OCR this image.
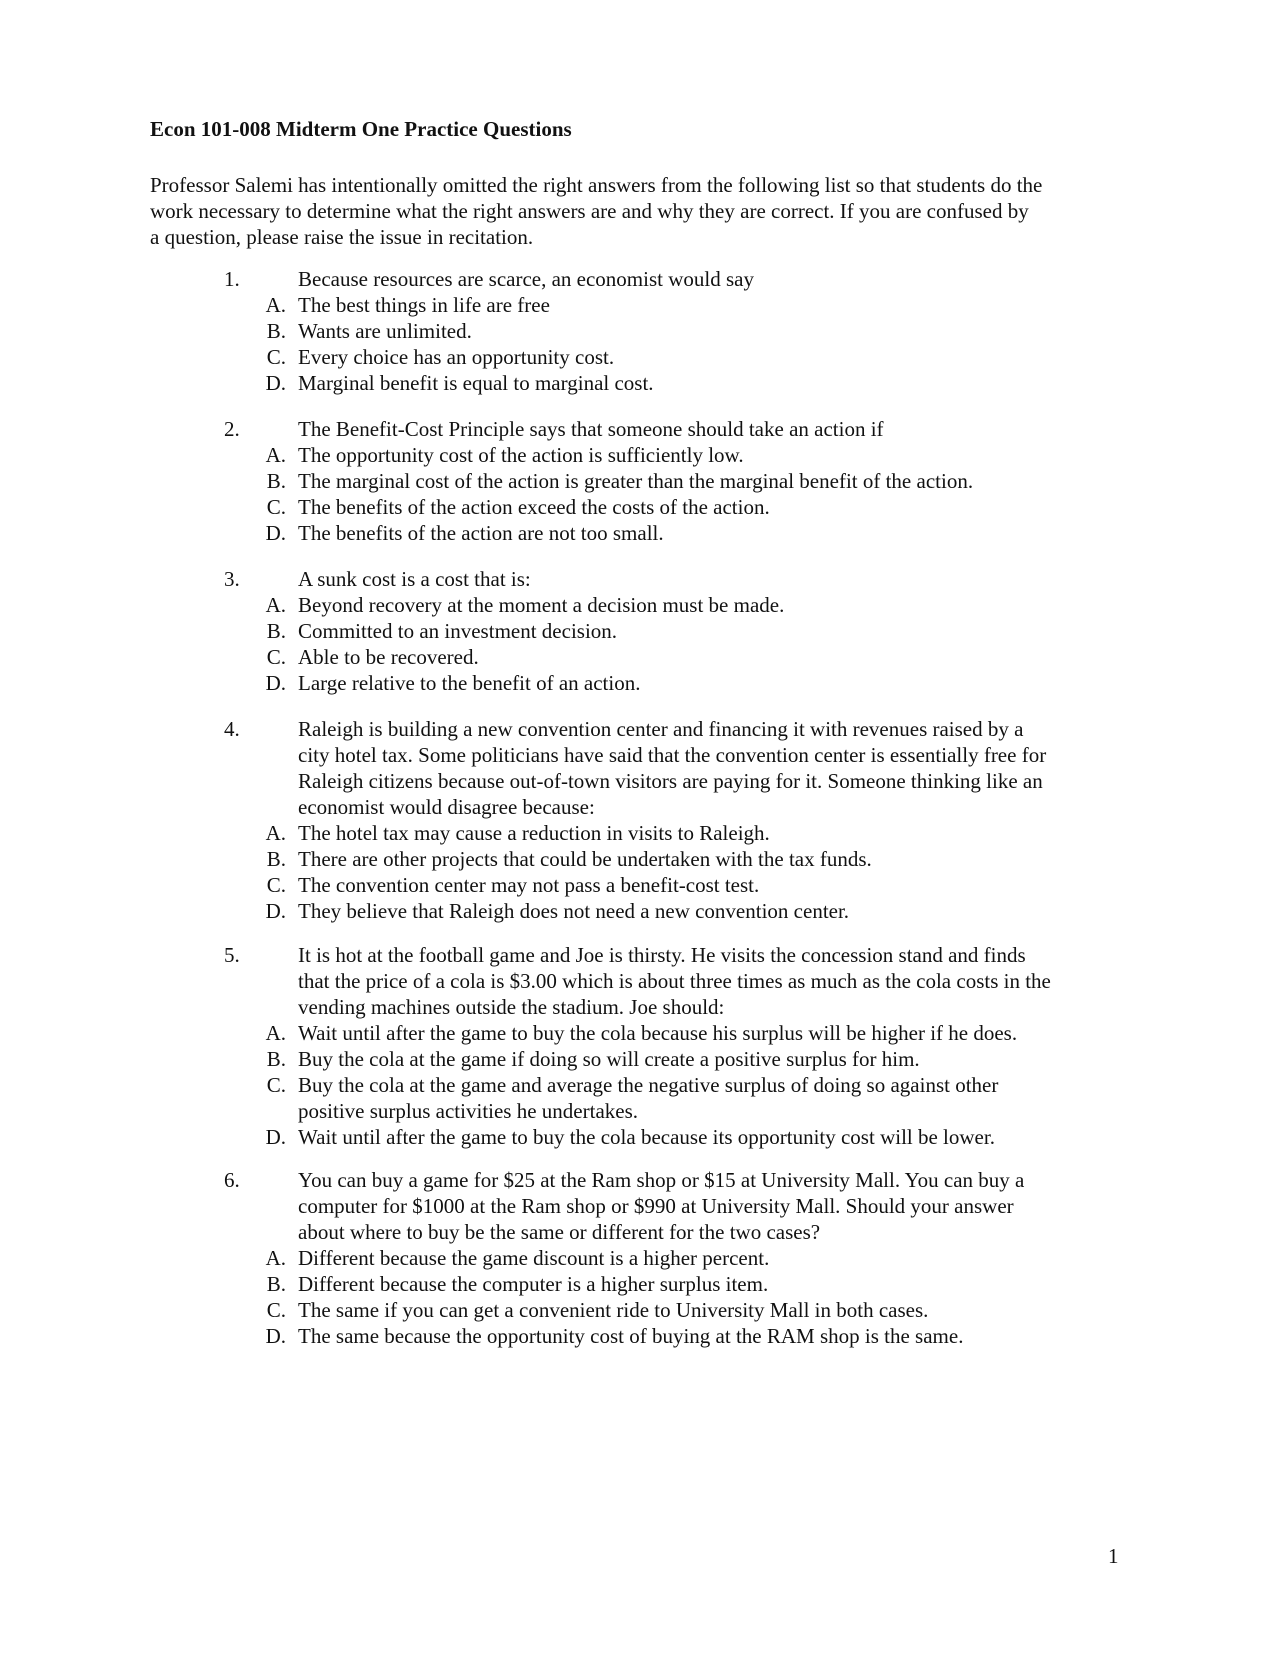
Econ 101-008 Midterm One Practice Questions
Professor Salemi has intentionally omitted the right answers from the following list so that students do the
work necessary to determine what the right answers are and why they are correct. If you are confused by
a question, please raise the issue in recitation.
1.	Because resources are scarce, an economist would say
A. The best things in life are free
B. Wants are unlimited.
C. Every choice has an opportunity cost.
D. Marginal benefit is equal to marginal cost.
2.	The Benefit-Cost Principle says that someone should take an action if
A. The opportunity cost of the action is sufficiently low.
B. The marginal cost of the action is greater than the marginal benefit of the action.
C. The benefits of the action exceed the costs of the action.
D. The benefits of the action are not too small.
3.	A sunk cost is a cost that is:
A. Beyond recovery at the moment a decision must be made.
B. Committed to an investment decision.
C. Able to be recovered.
D. Large relative to the benefit of an action.
4.	Raleigh is building a new convention center and financing it with revenues raised by a
city hotel tax. Some politicians have said that the convention center is essentially free for
Raleigh citizens because out-of-town visitors are paying for it. Someone thinking like an
economist would disagree because:
A. The hotel tax may cause a reduction in visits to Raleigh.
B. There are other projects that could be undertaken with the tax funds.
C. The convention center may not pass a benefit-cost test.
D. They believe that Raleigh does not need a new convention center.
5.	It is hot at the football game and Joe is thirsty. He visits the concession stand and finds
that the price of a cola is $3.00 which is about three times as much as the cola costs in the
vending machines outside the stadium. Joe should:
A. Wait until after the game to buy the cola because his surplus will be higher if he does.
B. Buy the cola at the game if doing so will create a positive surplus for him.
C. Buy the cola at the game and average the negative surplus of doing so against other
positive surplus activities he undertakes.
D. Wait until after the game to buy the cola because its opportunity cost will be lower.
6.	You can buy a game for $25 at the Ram shop or $15 at University Mall. You can buy a
computer for $1000 at the Ram shop or $990 at University Mall. Should your answer
about where to buy be the same or different for the two cases?
A. Different because the game discount is a higher percent.
B. Different because the computer is a higher surplus item.
C. The same if you can get a convenient ride to University Mall in both cases.
D. The same because the opportunity cost of buying at the RAM shop is the same.
1
